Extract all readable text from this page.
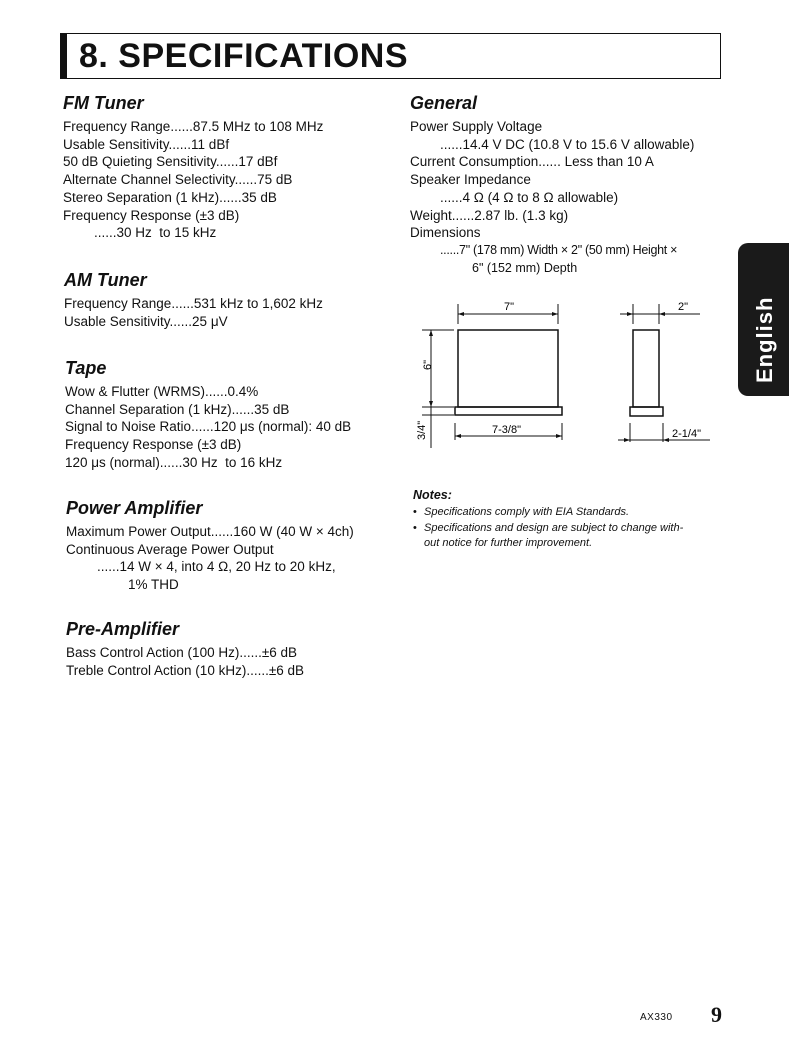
8. SPECIFICATIONS
FM Tuner
Frequency Range......87.5 MHz to 108 MHz
Usable Sensitivity......11 dBf
50 dB Quieting Sensitivity......17 dBf
Alternate Channel Selectivity......75 dB
Stereo Separation (1 kHz)......35 dB
Frequency Response (±3 dB)
......30 Hz  to 15 kHz
AM Tuner
Frequency Range......531 kHz to 1,602 kHz
Usable Sensitivity......25 μV
Tape
Wow & Flutter (WRMS)......0.4%
Channel Separation (1 kHz)......35 dB
Signal to Noise Ratio......120 μs (normal): 40 dB
Frequency Response (±3 dB)
120 μs (normal)......30 Hz  to 16 kHz
Power Amplifier
Maximum Power Output......160 W (40 W × 4ch)
Continuous Average Power Output
......14 W × 4, into 4 Ω, 20 Hz to 20 kHz,
1% THD
Pre-Amplifier
Bass Control Action (100 Hz)......±6 dB
Treble Control Action (10 kHz)......±6 dB
General
Power Supply Voltage
......14.4 V DC (10.8 V to 15.6 V allowable)
Current Consumption...... Less than 10 A
Speaker Impedance
......4 Ω (4 Ω to 8 Ω allowable)
Weight......2.87 lb. (1.3 kg)
Dimensions
......7" (178 mm) Width × 2" (50 mm) Height ×
6" (152 mm) Depth
7"
6"
3/4"	7-3/8"
2"
2-1/4"
Notes:
• Specifications comply with EIA Standards.
• Specifications and design are subject to change with-
out notice for further improvement.
English
AX330 9
